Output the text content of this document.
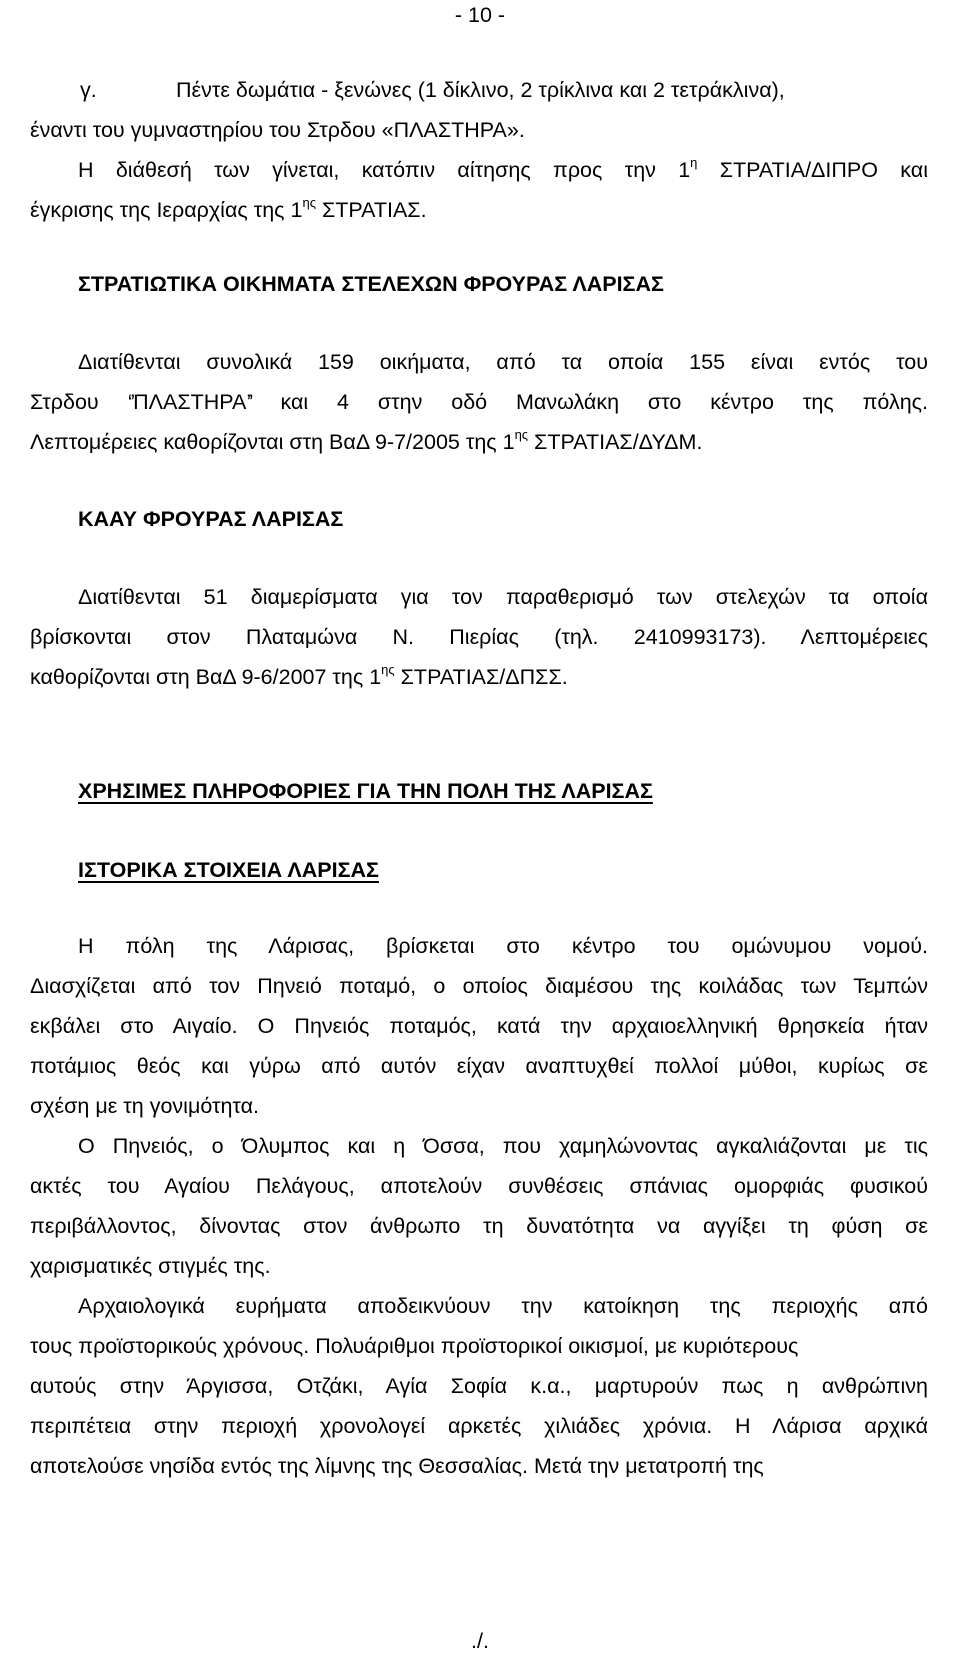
- 10 -
γ.	Πέντε δωμάτια - ξενώνες (1 δίκλινο, 2 τρίκλινα και 2 τετράκλινα),
έναντι του γυμναστηρίου του Στρδου «ΠΛΑΣΤΗΡΑ».
Η διάθεσή των γίνεται, κατόπιν αίτησης προς την $1^\eta$ ΣΤΡΑΤΙΑ/ΔΙΠΡΟ και
έγκρισης της Ιεραρχίας της $1^{\eta\varsigma}$ ΣΤΡΑΤΙΑΣ.
ΣΤΡΑΤΙΩΤΙΚΑ ΟΙΚΗΜΑΤΑ ΣΤΕΛΕΧΩΝ ΦΡΟΥΡΑΣ ΛΑΡΙΣΑΣ
Διατίθενται συνολικά 159 οικήματα, από τα οποία 155 είναι εντός του
Στρδου ‘’ΠΛΑΣΤΗΡΑ’’ και 4 στην οδό Μανωλάκη στο κέντρο της πόλης.
Λεπτομέρειες καθορίζονται στη ΒαΔ 9-7/2005 της $1^{\eta\varsigma}$ ΣΤΡΑΤΙΑΣ/ΔΥΔΜ.
ΚΑΑΥ ΦΡΟΥΡΑΣ ΛΑΡΙΣΑΣ
Διατίθενται 51 διαμερίσματα για τον παραθερισμό των στελεχών τα οποία
βρίσκονται στον Πλαταμώνα Ν. Πιερίας (τηλ. 2410993173). Λεπτομέρειες
καθορίζονται στη ΒαΔ 9-6/2007 της $1^{\eta\varsigma}$ ΣΤΡΑΤΙΑΣ/ΔΠΣΣ.
ΧΡΗΣΙΜΕΣ ΠΛΗΡΟΦΟΡΙΕΣ ΓΙΑ ΤΗΝ ΠΟΛΗ ΤΗΣ ΛΑΡΙΣΑΣ
ΙΣΤΟΡΙΚΑ ΣΤΟΙΧΕΙΑ ΛΑΡΙΣΑΣ
Η πόλη της Λάρισας, βρίσκεται στο κέντρο του ομώνυμου νομού.
Διασχίζεται από τον Πηνειό ποταμό, ο οποίος διαμέσου της κοιλάδας των Τεμπών
εκβάλει στο Αιγαίο. Ο Πηνειός ποταμός, κατά την αρχαιοελληνική θρησκεία ήταν
ποτάμιος θεός και γύρω από αυτόν είχαν αναπτυχθεί πολλοί μύθοι, κυρίως σε
σχέση με τη γονιμότητα.
Ο Πηνειός, ο Όλυμπος και η Όσσα, που χαμηλώνοντας αγκαλιάζονται με τις
ακτές του Αγαίου Πελάγους, αποτελούν συνθέσεις σπάνιας ομορφιάς φυσικού
περιβάλλοντος, δίνοντας στον άνθρωπο τη δυνατότητα να αγγίξει τη φύση σε
χαρισματικές στιγμές της.
Αρχαιολογικά ευρήματα αποδεικνύουν την κατοίκηση της περιοχής από
τους προϊστορικούς χρόνους. Πολυάριθμοι προϊστορικοί οικισμοί, με κυριότερους
αυτούς στην Άργισσα, Οτζάκι, Αγία Σοφία κ.α., μαρτυρούν πως η ανθρώπινη
περιπέτεια στην περιοχή χρονολογεί αρκετές χιλιάδες χρόνια. Η Λάρισα αρχικά
αποτελούσε νησίδα εντός της λίμνης της Θεσσαλίας. Μετά την μετατροπή της
./.
